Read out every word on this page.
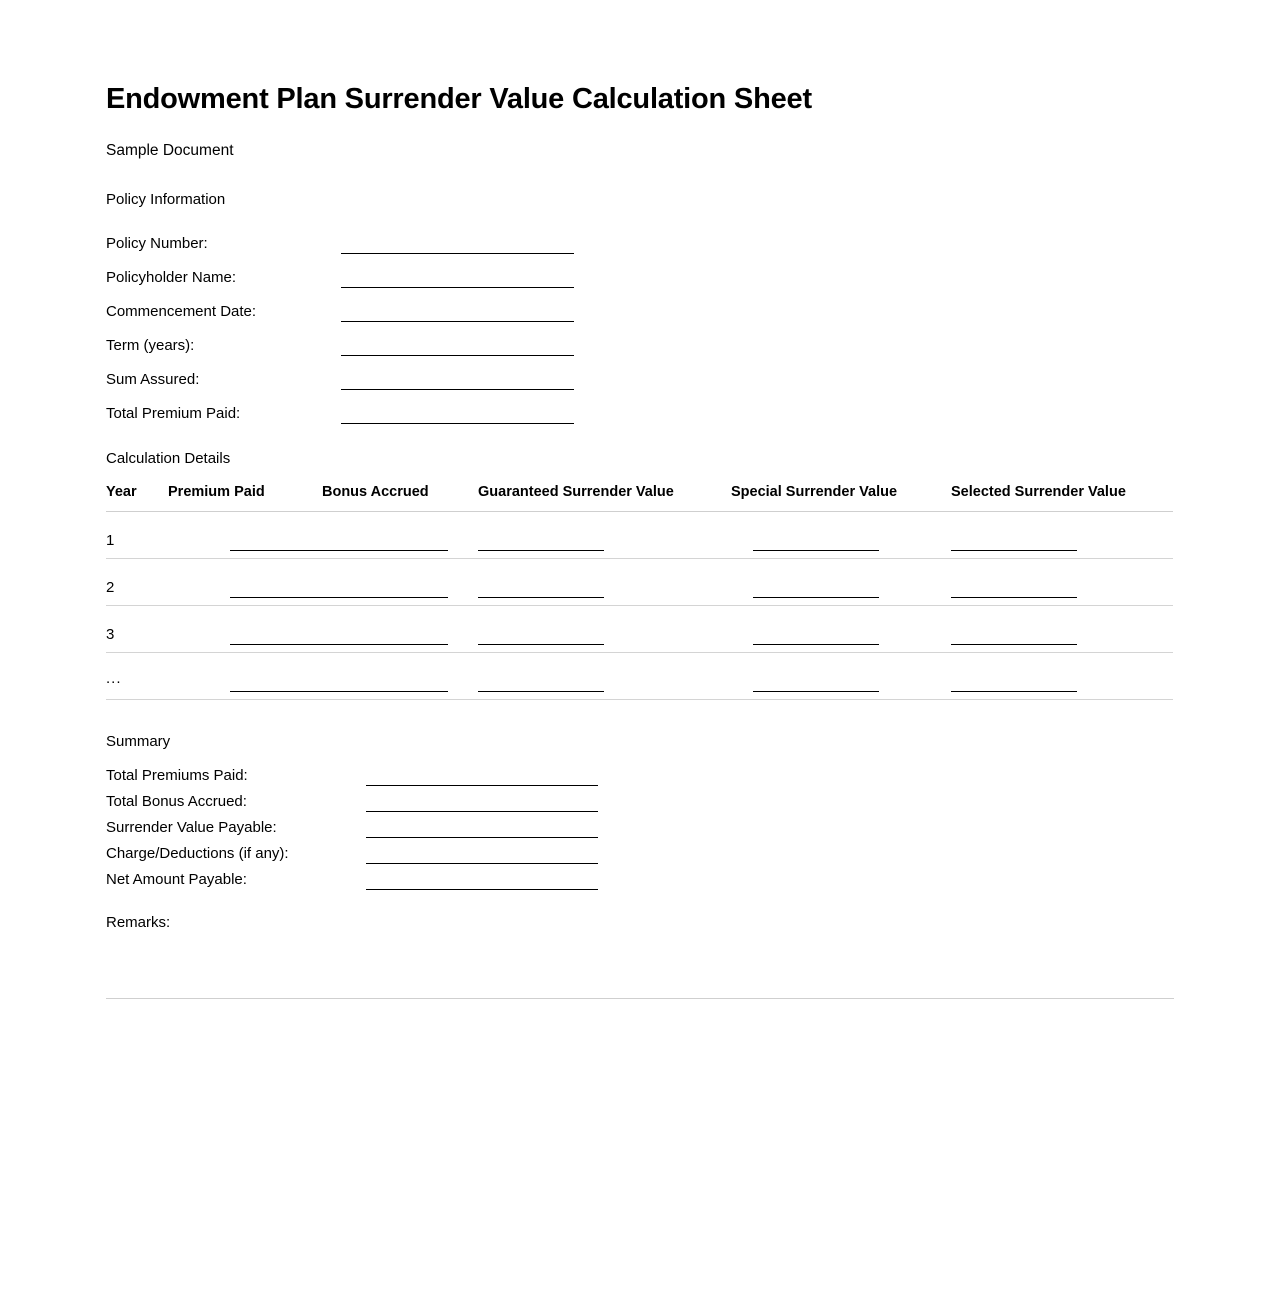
Endowment Plan Surrender Value Calculation Sheet
Sample Document
Policy Information
Policy Number:
Policyholder Name:
Commencement Date:
Term (years):
Sum Assured:
Total Premium Paid:
Calculation Details
Year	Premium Paid	Bonus Accrued	Guaranteed Surrender Value	Special Surrender Value	Selected Surrender Value
1	

2	

3	

...	

Summary
Total Premiums Paid:
Total Bonus Accrued:
Surrender Value Payable:
Charge/Deductions (if any):
Net Amount Payable:
Remarks:
